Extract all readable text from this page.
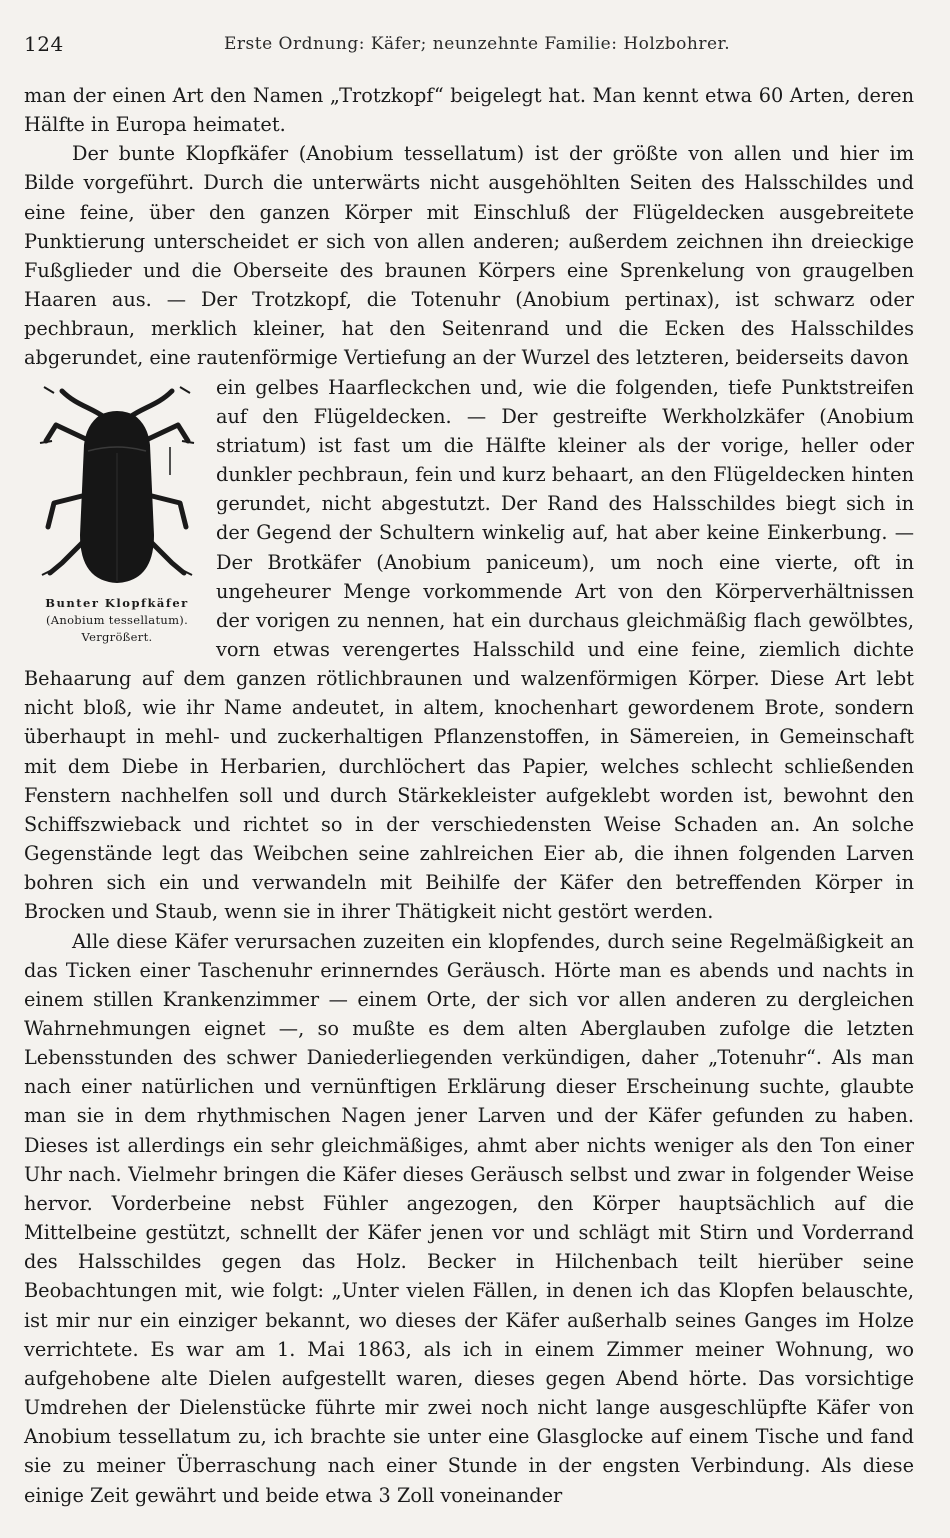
124	Erste Ordnung: Käfer; neunzehnte Familie: Holzbohrer.

man der einen Art den Namen „Trotzkopf“ beigelegt hat. Man kennt etwa 60 Arten, deren Hälfte in Europa heimatet.

Der bunte Klopfkäfer (Anobium tessellatum) ist der größte von allen und hier im Bilde vorgeführt. Durch die unterwärts nicht ausgehöhlten Seiten des Halsschildes und eine feine, über den ganzen Körper mit Einschluß der Flügeldecken ausgebreitete Punktierung unterscheidet er sich von allen anderen; außerdem zeichnen ihn dreieckige Fußglieder und die Oberseite des braunen Körpers eine Sprenkelung von graugelben Haaren aus. — Der Trotzkopf, die Totenuhr (Anobium pertinax), ist schwarz oder pechbraun, merklich kleiner, hat den Seitenrand und die Ecken des Halsschildes abgerundet, eine rautenförmige Vertiefung an der Wurzel des letzteren, beiderseits davon

Bunter Klopfkäfer
(Anobium tessellatum).
Vergrößert.

ein gelbes Haarfleckchen und, wie die folgenden, tiefe Punktstreifen auf den Flügeldecken. — Der gestreifte Werkholzkäfer (Anobium striatum) ist fast um die Hälfte kleiner als der vorige, heller oder dunkler pechbraun, fein und kurz behaart, an den Flügeldecken hinten gerundet, nicht abgestutzt. Der Rand des Halsschildes biegt sich in der Gegend der Schultern winkelig auf, hat aber keine Einkerbung. — Der Brotkäfer (Anobium paniceum), um noch eine vierte, oft in ungeheurer Menge vorkommende Art von den Körperverhältnissen der vorigen zu nennen, hat ein durchaus gleichmäßig flach gewölbtes, vorn etwas verengertes Halsschild und eine feine, ziemlich dichte Behaarung auf dem ganzen rötlichbraunen und walzenförmigen Körper. Diese Art lebt nicht bloß, wie ihr Name andeutet, in altem, knochenhart gewordenem Brote, sondern überhaupt in mehl- und zuckerhaltigen Pflanzenstoffen, in Sämereien, in Gemeinschaft mit dem Diebe in Herbarien, durchlöchert das Papier, welches schlecht schließenden Fenstern nachhelfen soll und durch Stärkekleister aufgeklebt worden ist, bewohnt den Schiffszwieback und richtet so in der verschiedensten Weise Schaden an. An solche Gegenstände legt das Weibchen seine zahlreichen Eier ab, die ihnen folgenden Larven bohren sich ein und verwandeln mit Beihilfe der Käfer den betreffenden Körper in Brocken und Staub, wenn sie in ihrer Thätigkeit nicht gestört werden.

Alle diese Käfer verursachen zuzeiten ein klopfendes, durch seine Regelmäßigkeit an das Ticken einer Taschenuhr erinnerndes Geräusch. Hörte man es abends und nachts in einem stillen Krankenzimmer — einem Orte, der sich vor allen anderen zu dergleichen Wahrnehmungen eignet —, so mußte es dem alten Aberglauben zufolge die letzten Lebensstunden des schwer Daniederliegenden verkündigen, daher „Totenuhr“. Als man nach einer natürlichen und vernünftigen Erklärung dieser Erscheinung suchte, glaubte man sie in dem rhythmischen Nagen jener Larven und der Käfer gefunden zu haben. Dieses ist allerdings ein sehr gleichmäßiges, ahmt aber nichts weniger als den Ton einer Uhr nach. Vielmehr bringen die Käfer dieses Geräusch selbst und zwar in folgender Weise hervor. Vorderbeine nebst Fühler angezogen, den Körper hauptsächlich auf die Mittelbeine gestützt, schnellt der Käfer jenen vor und schlägt mit Stirn und Vorderrand des Halsschildes gegen das Holz. Becker in Hilchenbach teilt hierüber seine Beobachtungen mit, wie folgt: „Unter vielen Fällen, in denen ich das Klopfen belauschte, ist mir nur ein einziger bekannt, wo dieses der Käfer außerhalb seines Ganges im Holze verrichtete. Es war am 1. Mai 1863, als ich in einem Zimmer meiner Wohnung, wo aufgehobene alte Dielen aufgestellt waren, dieses gegen Abend hörte. Das vorsichtige Umdrehen der Dielenstücke führte mir zwei noch nicht lange ausgeschlüpfte Käfer von Anobium tessellatum zu, ich brachte sie unter eine Glasglocke auf einem Tische und fand sie zu meiner Überraschung nach einer Stunde in der engsten Verbindung. Als diese einige Zeit gewährt und beide etwa 3 Zoll voneinander
